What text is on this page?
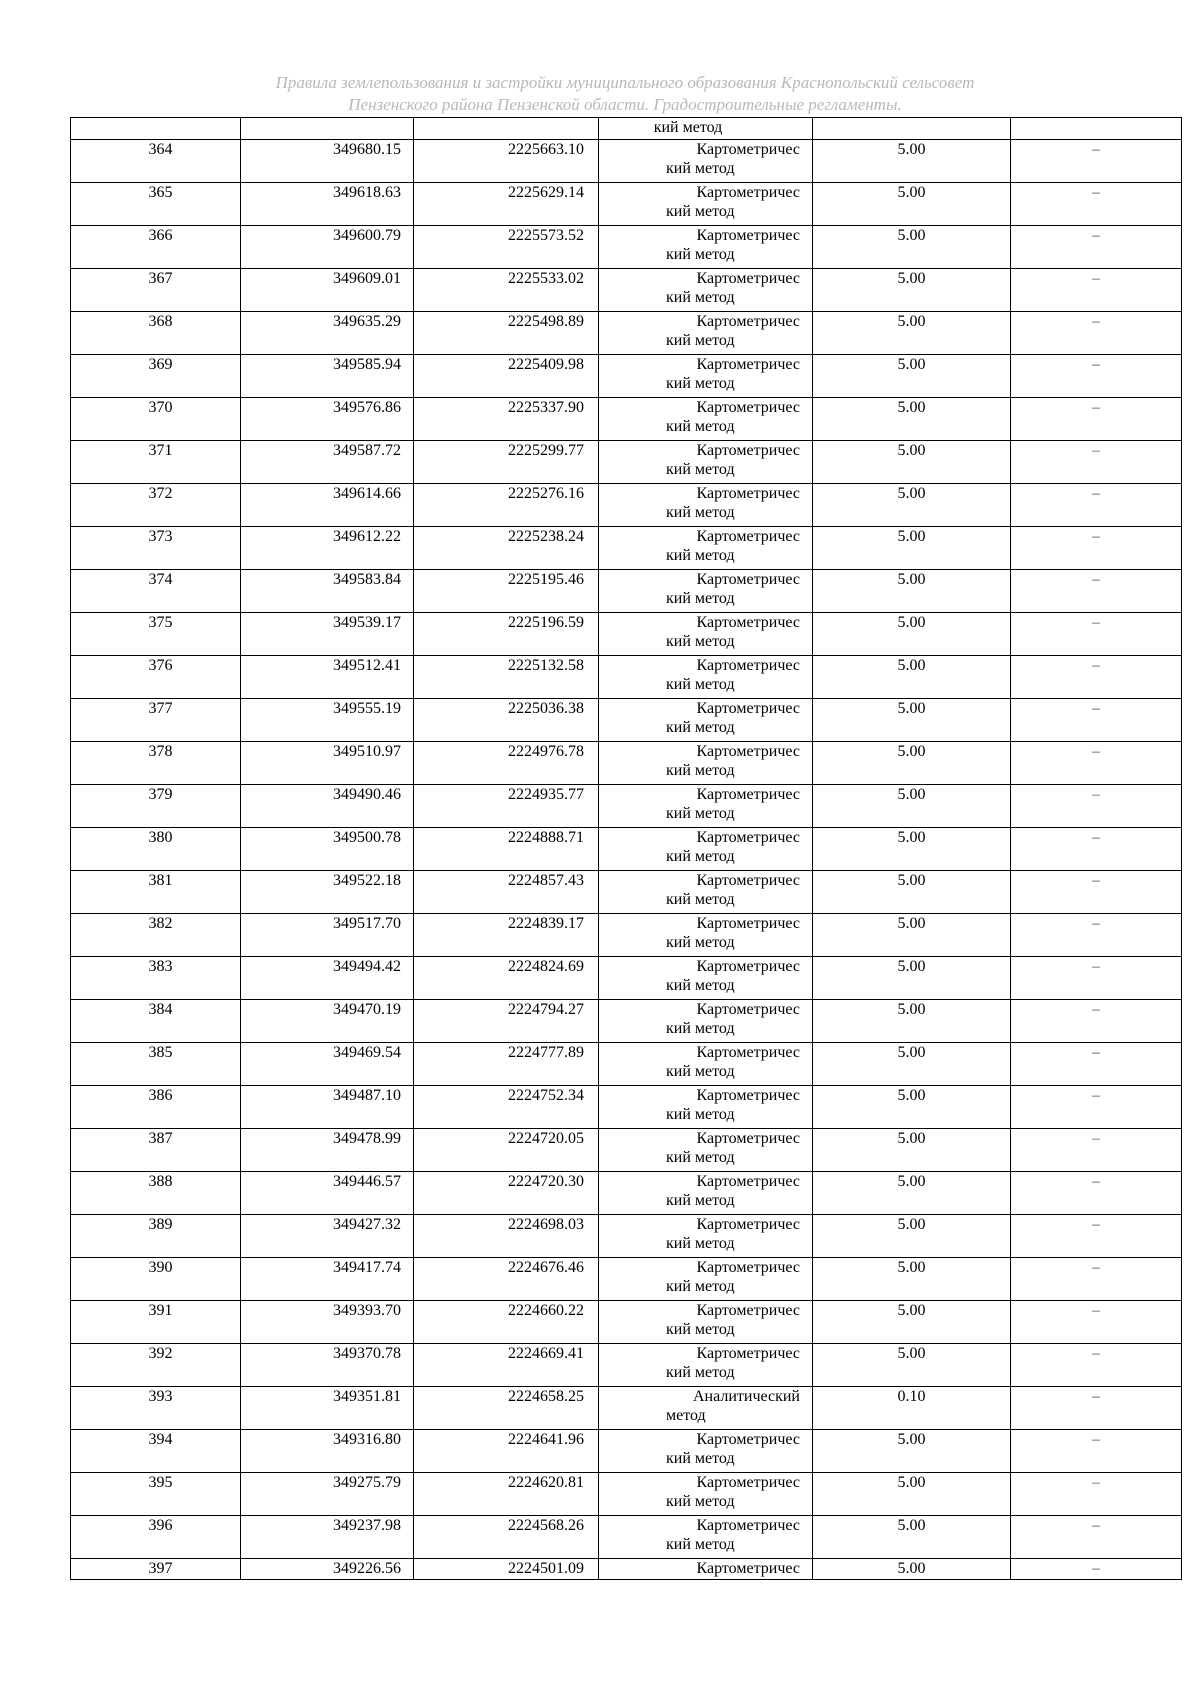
Правила землепользования и застройки муниципального образования Краснопольский сельсовет
Пензенского района Пензенской области. Градостроительные регламенты.
			кий метод		
364	349680.15	2225663.10	Картометричес
кий метод	5.00	–
365	349618.63	2225629.14	Картометричес
кий метод	5.00	–
366	349600.79	2225573.52	Картометричес
кий метод	5.00	–
367	349609.01	2225533.02	Картометричес
кий метод	5.00	–
368	349635.29	2225498.89	Картометричес
кий метод	5.00	–
369	349585.94	2225409.98	Картометричес
кий метод	5.00	–
370	349576.86	2225337.90	Картометричес
кий метод	5.00	–
371	349587.72	2225299.77	Картометричес
кий метод	5.00	–
372	349614.66	2225276.16	Картометричес
кий метод	5.00	–
373	349612.22	2225238.24	Картометричес
кий метод	5.00	–
374	349583.84	2225195.46	Картометричес
кий метод	5.00	–
375	349539.17	2225196.59	Картометричес
кий метод	5.00	–
376	349512.41	2225132.58	Картометричес
кий метод	5.00	–
377	349555.19	2225036.38	Картометричес
кий метод	5.00	–
378	349510.97	2224976.78	Картометричес
кий метод	5.00	–
379	349490.46	2224935.77	Картометричес
кий метод	5.00	–
380	349500.78	2224888.71	Картометричес
кий метод	5.00	–
381	349522.18	2224857.43	Картометричес
кий метод	5.00	–
382	349517.70	2224839.17	Картометричес
кий метод	5.00	–
383	349494.42	2224824.69	Картометричес
кий метод	5.00	–
384	349470.19	2224794.27	Картометричес
кий метод	5.00	–
385	349469.54	2224777.89	Картометричес
кий метод	5.00	–
386	349487.10	2224752.34	Картометричес
кий метод	5.00	–
387	349478.99	2224720.05	Картометричес
кий метод	5.00	–
388	349446.57	2224720.30	Картометричес
кий метод	5.00	–
389	349427.32	2224698.03	Картометричес
кий метод	5.00	–
390	349417.74	2224676.46	Картометричес
кий метод	5.00	–
391	349393.70	2224660.22	Картометричес
кий метод	5.00	–
392	349370.78	2224669.41	Картометричес
кий метод	5.00	–
393	349351.81	2224658.25	Аналитический
метод	0.10	–
394	349316.80	2224641.96	Картометричес
кий метод	5.00	–
395	349275.79	2224620.81	Картометричес
кий метод	5.00	–
396	349237.98	2224568.26	Картометричес
кий метод	5.00	–
397	349226.56	2224501.09	Картометричес	5.00	–
